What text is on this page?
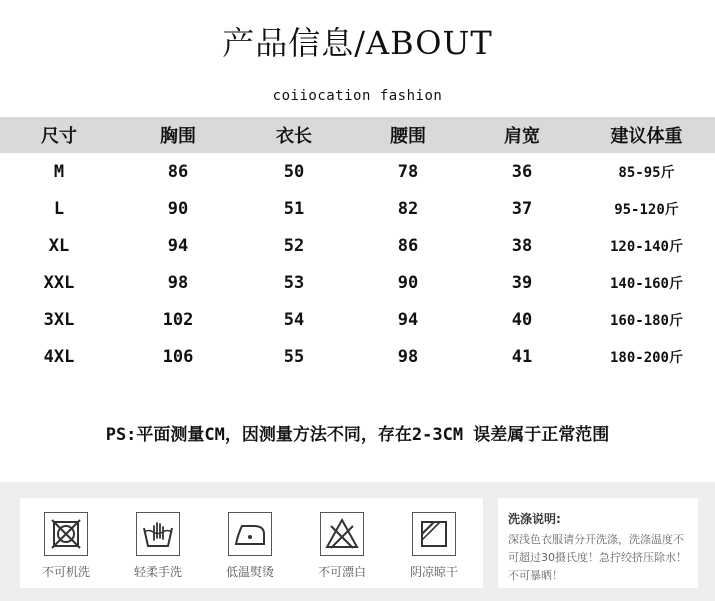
产品信息/ABOUT
coiiocation fashion
尺寸	胸围	衣长	腰围	肩宽	建议体重
M	86	50	78	36	85-95斤
L	90	51	82	37	95-120斤
XL	94	52	86	38	120-140斤
XXL	98	53	90	39	140-160斤
3XL	102	54	94	40	160-180斤
4XL	106	55	98	41	180-200斤
PS:平面测量CM，因测量方法不同，存在2-3CM 误差属于正常范围
不可机洗	轻柔手洗	低温熨烫	不可漂白	阴凉晾干
洗涤说明:
深浅色衣服请分开洗涤，洗涤温度不可超过30摄氏度！急拧绞挤压除水！不可暴晒！
